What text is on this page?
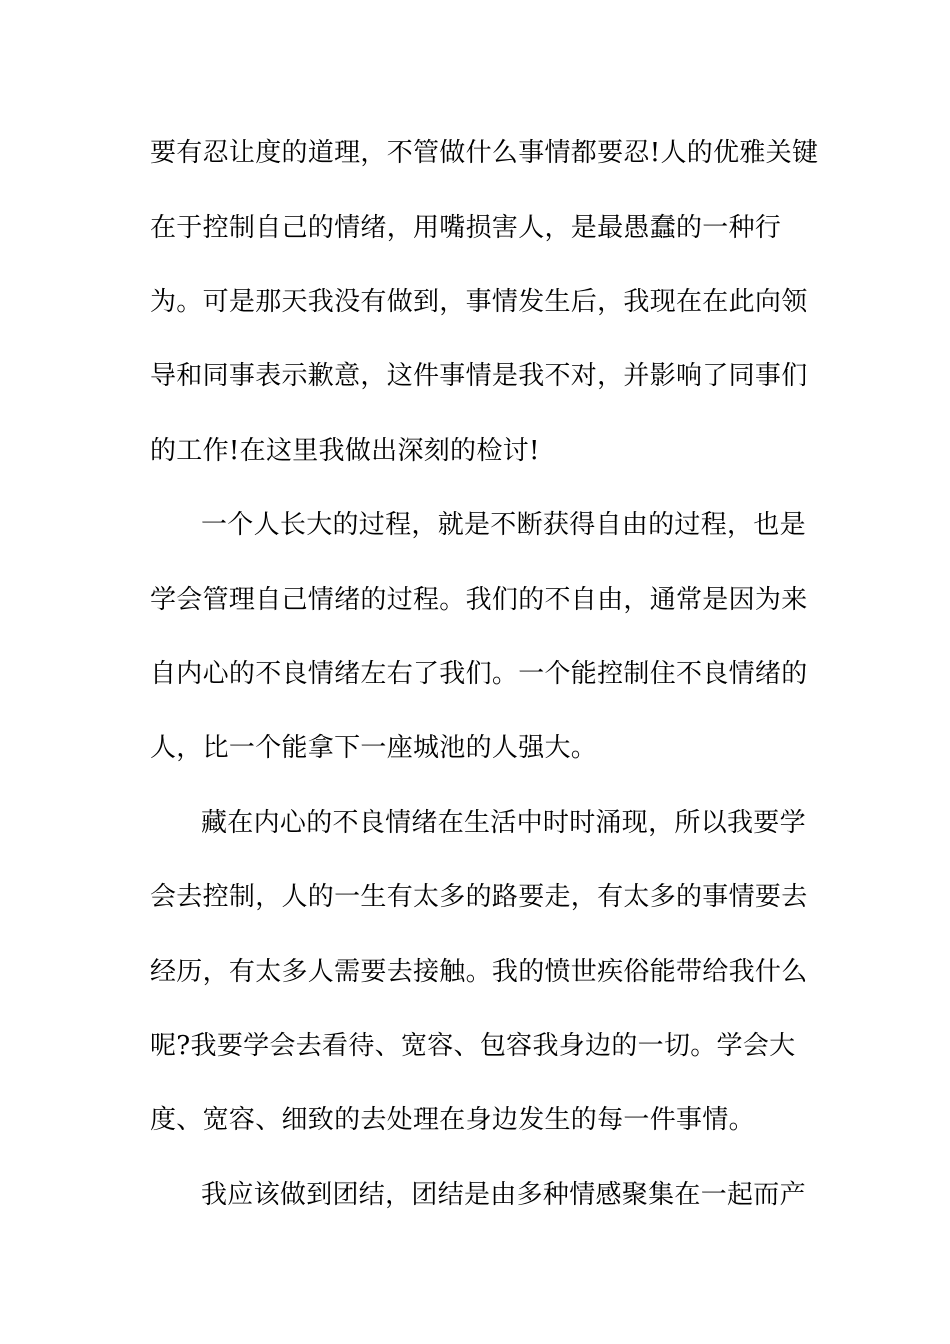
要有忍让度的道理，不管做什么事情都要忍!人的优雅关键
在于控制自己的情绪，用嘴损害人，是最愚蠢的一种行
为。可是那天我没有做到，事情发生后，我现在在此向领
导和同事表示歉意，这件事情是我不对，并影响了同事们
的工作!在这里我做出深刻的检讨!
一个人长大的过程，就是不断获得自由的过程，也是
学会管理自己情绪的过程。我们的不自由，通常是因为来
自内心的不良情绪左右了我们。一个能控制住不良情绪的
人，比一个能拿下一座城池的人强大。
藏在内心的不良情绪在生活中时时涌现，所以我要学
会去控制，人的一生有太多的路要走，有太多的事情要去
经历，有太多人需要去接触。我的愤世疾俗能带给我什么
呢?我要学会去看待、宽容、包容我身边的一切。学会大
度、宽容、细致的去处理在身边发生的每一件事情。
我应该做到团结，团结是由多种情感聚集在一起而产
